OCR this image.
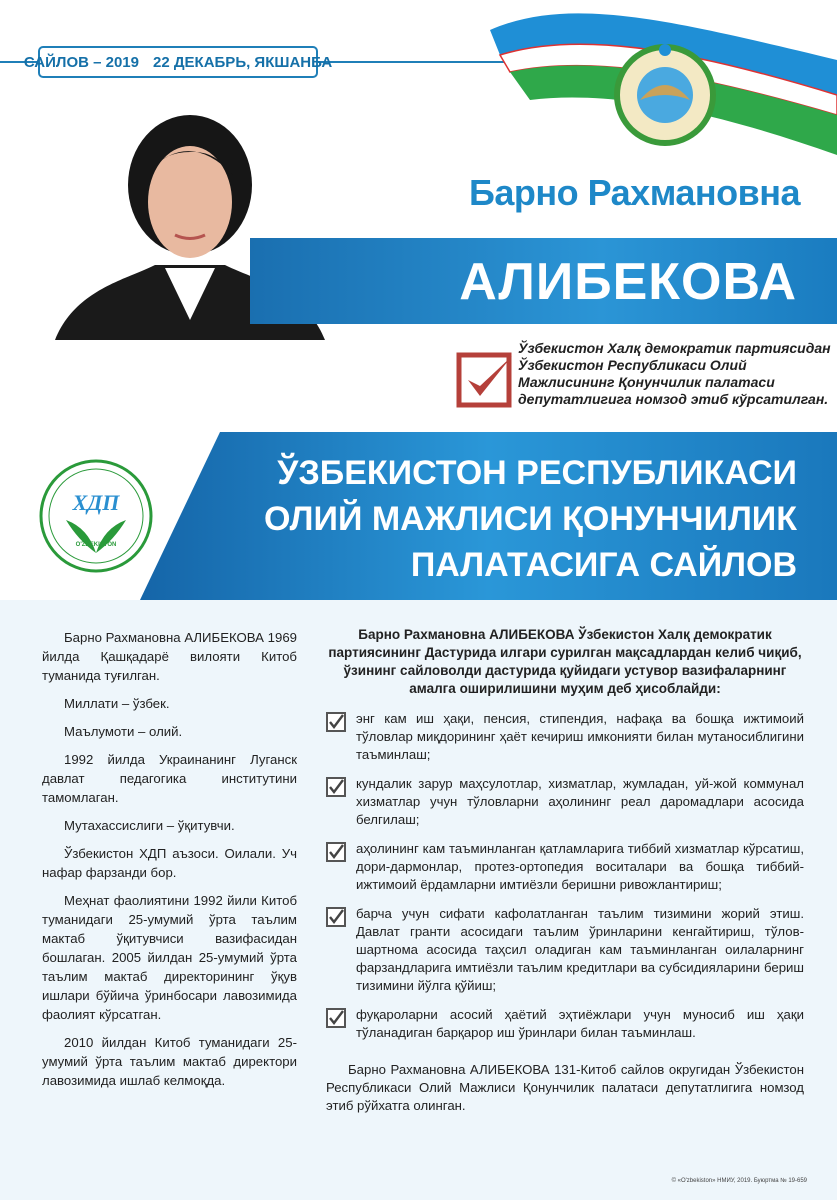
САЙЛОВ – 2019 22 ДЕКАБРЬ, ЯКШАНБА
Барно Рахмановна
АЛИБЕКОВА
Ўзбекистон Халқ демократик партиясидан Ўзбекистон Республикаси Олий Мажлисининг Қонунчилик палатаси депутатлигига номзод этиб кўрсатилган.
ЎЗБЕКИСТОН РЕСПУБЛИКАСИ
ОЛИЙ МАЖЛИСИ ҚОНУНЧИЛИК
ПАЛАТАСИГА САЙЛОВ
ХДП
O'ZBEKISTON

Барно Рахмановна АЛИБЕКОВА 1969 йилда Қашқадарё вилояти Китоб туманида туғилган.

Миллати – ўзбек.

Маълумоти – олий.

1992 йилда Украинанинг Луганск давлат педагогика институтини тамомлаган.

Мутахассислиги – ўқитувчи.

Ўзбекистон ХДП аъзоси. Оилали. Уч нафар фарзанди бор.

Меҳнат фаолиятини 1992 йили Китоб туманидаги 25-умумий ўрта таълим мактаб ўқитувчиси вазифасидан бошлаган. 2005 йилдан 25-умумий ўрта таълим мактаб директорининг ўқув ишлари бўйича ўринбосари лавозимида фаолият кўрсатган.

2010 йилдан Китоб туманидаги 25-умумий ўрта таълим мактаб директори лавозимида ишлаб келмоқда.

Барно Рахмановна АЛИБЕКОВА Ўзбекистон Халқ демократик партиясининг Дастурида илгари сурилган мақсадлардан келиб чиқиб, ўзининг сайловолди дастурида қуйидаги устувор вазифаларнинг амалга оширилишини муҳим деб ҳисоблайди:
энг кам иш ҳақи, пенсия, стипендия, нафақа ва бошқа ижтимоий тўловлар миқдорининг ҳаёт кечириш имконияти билан мутаносиблигини таъминлаш;
кундалик зарур маҳсулотлар, хизматлар, жумладан, уй-жой коммунал хизматлар учун тўловларни аҳолининг реал даромадлари асосида белгилаш;
аҳолининг кам таъминланган қатламларига тиббий хизматлар кўрсатиш, дори-дармонлар, протез-ортопедия воситалари ва бошқа тиббий-ижтимоий ёрдамларни имтиёзли беришни ривожлантириш;
барча учун сифати кафолатланган таълим тизимини жорий этиш. Давлат гранти асосидаги таълим ўринларини кенгайтириш, тўлов-шартнома асосида таҳсил оладиган кам таъминланган оилаларнинг фарзандларига имтиёзли таълим кредитлари ва субсидияларини бериш тизимини йўлга қўйиш;
фуқароларни асосий ҳаётий эҳтиёжлари учун муносиб иш ҳақи тўланадиган барқарор иш ўринлари билан таъминлаш.
Барно Рахмановна АЛИБЕКОВА 131-Китоб сайлов округидан Ўзбекистон Республикаси Олий Мажлиси Қонунчилик палатаси депутатлигига номзод этиб рўйхатга олинган.
© «O'zbekiston» НМИУ, 2019. Буюртма № 19-659
